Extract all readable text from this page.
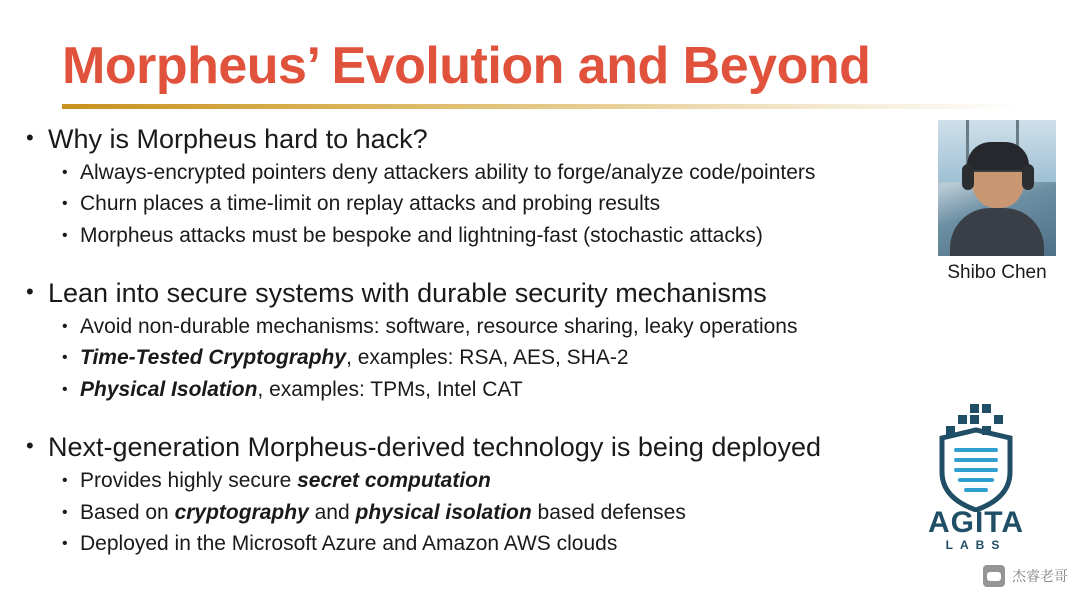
Morpheus’ Evolution and Beyond
• Why is Morpheus hard to hack?
• Always-encrypted pointers deny attackers ability to forge/analyze code/pointers
• Churn places a time-limit on replay attacks and probing results
• Morpheus attacks must be bespoke and lightning-fast (stochastic attacks)
• Lean into secure systems with durable security mechanisms
• Avoid non-durable mechanisms: software, resource sharing, leaky operations
• Time-Tested Cryptography, examples: RSA, AES, SHA-2
• Physical Isolation, examples: TPMs, Intel CAT
• Next-generation Morpheus-derived technology is being deployed
• Provides highly secure secret computation
• Based on cryptography and physical isolation based defenses
• Deployed in the Microsoft Azure and Amazon AWS clouds
Shibo Chen
AGITA
LABS
杰睿老哥
